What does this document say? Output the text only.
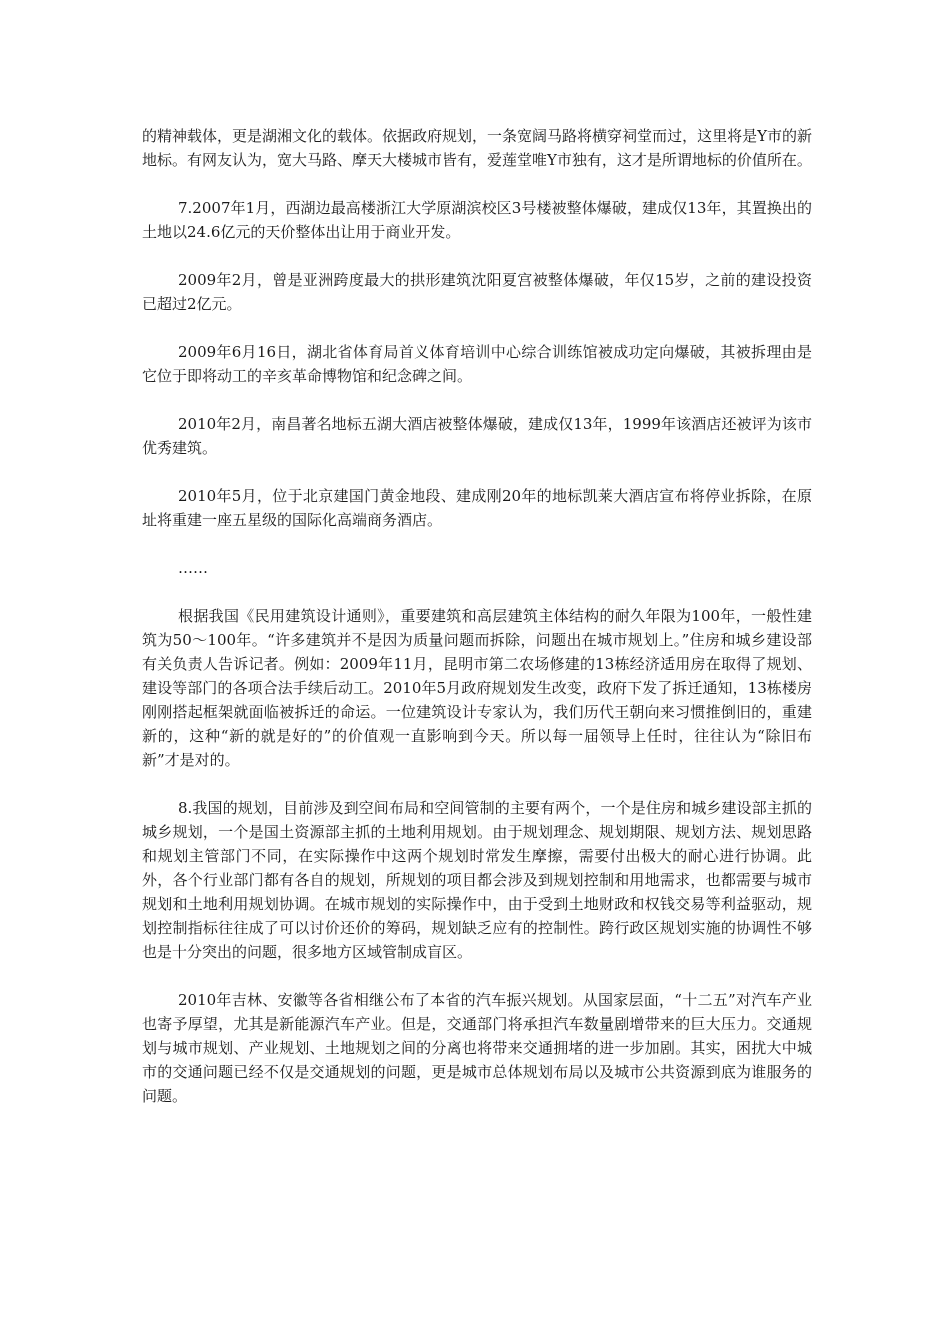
的精神载体，更是湖湘文化的载体。依据政府规划，一条宽阔马路将横穿祠堂而过，这里将是Y市的新地标。有网友认为，宽大马路、摩天大楼城市皆有，爱莲堂唯Y市独有，这才是所谓地标的价值所在。

7.2007年1月，西湖边最高楼浙江大学原湖滨校区3号楼被整体爆破，建成仅13年，其置换出的土地以24.6亿元的天价整体出让用于商业开发。

2009年2月，曾是亚洲跨度最大的拱形建筑沈阳夏宫被整体爆破，年仅15岁，之前的建设投资已超过2亿元。

2009年6月16日，湖北省体育局首义体育培训中心综合训练馆被成功定向爆破，其被拆理由是它位于即将动工的辛亥革命博物馆和纪念碑之间。

2010年2月，南昌著名地标五湖大酒店被整体爆破，建成仅13年，1999年该酒店还被评为该市优秀建筑。

2010年5月，位于北京建国门黄金地段、建成刚20年的地标凯莱大酒店宣布将停业拆除，在原址将重建一座五星级的国际化高端商务酒店。

……

根据我国《民用建筑设计通则》，重要建筑和高层建筑主体结构的耐久年限为100年，一般性建筑为50～100年。“许多建筑并不是因为质量问题而拆除，问题出在城市规划上。”住房和城乡建设部有关负责人告诉记者。例如：2009年11月，昆明市第二农场修建的13栋经济适用房在取得了规划、建设等部门的各项合法手续后动工。2010年5月政府规划发生改变，政府下发了拆迁通知，13栋楼房刚刚搭起框架就面临被拆迁的命运。一位建筑设计专家认为，我们历代王朝向来习惯推倒旧的，重建新的，这种“新的就是好的”的价值观一直影响到今天。所以每一届领导上任时，往往认为“除旧布新”才是对的。

8.我国的规划，目前涉及到空间布局和空间管制的主要有两个，一个是住房和城乡建设部主抓的城乡规划，一个是国土资源部主抓的土地利用规划。由于规划理念、规划期限、规划方法、规划思路和规划主管部门不同，在实际操作中这两个规划时常发生摩擦，需要付出极大的耐心进行协调。此外，各个行业部门都有各自的规划，所规划的项目都会涉及到规划控制和用地需求，也都需要与城市规划和土地利用规划协调。在城市规划的实际操作中，由于受到土地财政和权钱交易等利益驱动，规划控制指标往往成了可以讨价还价的筹码，规划缺乏应有的控制性。跨行政区规划实施的协调性不够也是十分突出的问题，很多地方区域管制成盲区。

2010年吉林、安徽等各省相继公布了本省的汽车振兴规划。从国家层面，“十二五”对汽车产业也寄予厚望，尤其是新能源汽车产业。但是，交通部门将承担汽车数量剧增带来的巨大压力。交通规划与城市规划、产业规划、土地规划之间的分离也将带来交通拥堵的进一步加剧。其实，困扰大中城市的交通问题已经不仅是交通规划的问题，更是城市总体规划布局以及城市公共资源到底为谁服务的问题。
